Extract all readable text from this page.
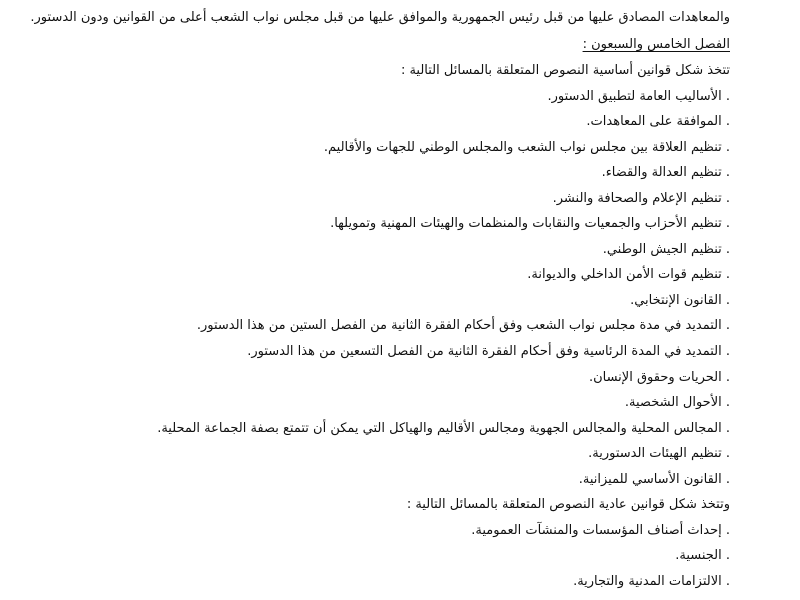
والمعاهدات المصادق عليها من قبل رئيس الجمهورية والموافق عليها من قبل مجلس نواب الشعب أعلى من القوانين ودون الدستور.
الفصل الخامس والسبعون :
تتخذ شكل قوانين أساسية النصوص المتعلقة بالمسائل التالية :
. الأساليب العامة لتطبيق الدستور.
. الموافقة على المعاهدات.
. تنظيم العلاقة بين مجلس نواب الشعب والمجلس الوطني للجهات والأقاليم.
. تنظيم العدالة والقضاء.
. تنظيم الإعلام والصحافة والنشر.
. تنظيم الأحزاب والجمعيات والنقابات والمنظمات والهيئات المهنية وتمويلها.
. تنظيم الجيش الوطني.
. تنظيم قوات الأمن الداخلي والديوانة.
. القانون الإنتخابي.
. التمديد في مدة مجلس نواب الشعب وفق أحكام الفقرة الثانية من الفصل الستين من هذا الدستور.
. التمديد في المدة الرئاسية وفق أحكام الفقرة الثانية من الفصل التسعين من هذا الدستور.
. الحريات وحقوق الإنسان.
. الأحوال الشخصية.
. المجالس المحلية والمجالس الجهوية ومجالس الأقاليم والهياكل التي يمكن أن تتمتع بصفة الجماعة المحلية.
. تنظيم الهيئات الدستورية.
. القانون الأساسي للميزانية.
وتتخذ شكل قوانين عادية النصوص المتعلقة بالمسائل التالية :
. إحداث أصناف المؤسسات والمنشآت العمومية.
. الجنسية.
. الالتزامات المدنية والتجارية.
